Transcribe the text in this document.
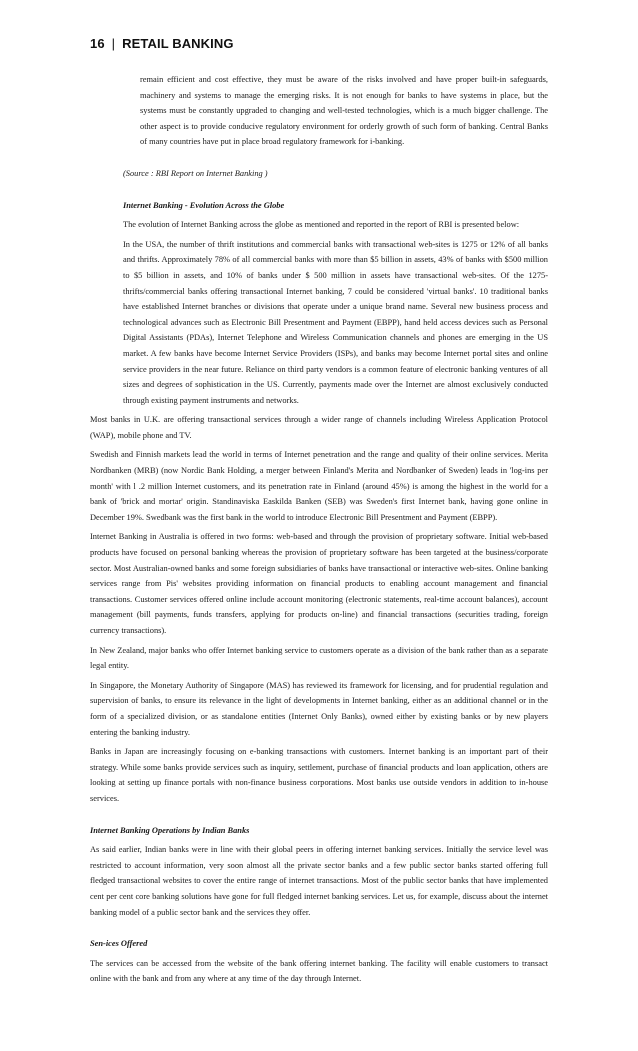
16 | RETAIL BANKING

remain efficient and cost effective, they must be aware of the risks involved and have proper built-in safeguards, machinery and systems to manage the emerging risks. It is not enough for banks to have systems in place, but the systems must be constantly upgraded to changing and well-tested technologies, which is a much bigger challenge. The other aspect is to provide conducive regulatory environment for orderly growth of such form of banking. Central Banks of many countries have put in place broad regulatory framework for i-banking.

(Source : RBI Report on Internet Banking )

Internet Banking - Evolution Across the Globe

The evolution of Internet Banking across the globe as mentioned and reported in the report of RBI is presented below:

In the USA, the number of thrift institutions and commercial banks with transactional web-sites is 1275 or 12% of all banks and thrifts. Approximately 78% of all commercial banks with more than $5 billion in assets, 43% of banks with $500 million to $5 billion in assets, and 10% of banks under $ 500 million in assets have transactional web-sites. Of the 1275-thrifts/commercial banks offering transactional Internet banking, 7 could be considered 'virtual banks'. 10 traditional banks have established Internet branches or divisions that operate under a unique brand name. Several new business process and technological advances such as Electronic Bill Presentment and Payment (EBPP), hand held access devices such as Personal Digital Assistants (PDAs), Internet Telephone and Wireless Communication channels and phones are emerging in the US market. A few banks have become Internet Service Providers (ISPs), and banks may become Internet portal sites and online service providers in the near future. Reliance on third party vendors is a common feature of electronic banking ventures of all sizes and degrees of sophistication in the US. Currently, payments made over the Internet are almost exclusively conducted through existing payment instruments and networks.

Most banks in U.K. are offering transactional services through a wider range of channels including Wireless Application Protocol (WAP), mobile phone and TV.

Swedish and Finnish markets lead the world in terms of Internet penetration and the range and quality of their online services. Merita Nordbanken (MRB) (now Nordic Bank Holding, a merger between Finland's Merita and Nordbanker of Sweden) leads in 'log-ins per month' with l .2 million Internet customers, and its penetration rate in Finland (around 45%) is among the highest in the world for a bank of 'brick and mortar' origin. Standinaviska Easkilda Banken (SEB) was Sweden's first Internet bank, having gone online in December 19%. Swedbank was the first bank in the world to introduce Electronic Bill Presentment and Payment (EBPP).

Internet Banking in Australia is offered in two forms: web-based and through the provision of proprietary software. Initial web-based products have focused on personal banking whereas the provision of proprietary software has been targeted at the business/corporate sector. Most Australian-owned banks and some foreign subsidiaries of banks have transactional or interactive web-sites. Online banking services range from Pis' websites providing information on financial products to enabling account management and financial transactions. Customer services offered online include account monitoring (electronic statements, real-time account balances), account management (bill payments, funds transfers, applying for products on-line) and financial transactions (securities trading, foreign currency transactions).

In New Zealand, major banks who offer Internet banking service to customers operate as a division of the bank rather than as a separate legal entity.

In Singapore, the Monetary Authority of Singapore (MAS) has reviewed its framework for licensing, and for prudential regulation and supervision of banks, to ensure its relevance in the light of developments in Internet banking, either as an additional channel or in the form of a specialized division, or as standalone entities (Internet Only Banks), owned either by existing banks or by new players entering the banking industry.

Banks in Japan are increasingly focusing on e-banking transactions with customers. Internet banking is an important part of their strategy. While some banks provide services such as inquiry, settlement, purchase of financial products and loan application, others are looking at setting up finance portals with non-finance business corporations. Most banks use outside vendors in addition to in-house services.

Internet Banking Operations by Indian Banks

As said earlier, Indian banks were in line with their global peers in offering internet banking services. Initially the service level was restricted to account information, very soon almost all the private sector banks and a few public sector banks started offering full fledged transactional websites to cover the entire range of internet transactions. Most of the public sector banks that have implemented cent per cent core banking solutions have gone for full fledged internet banking services. Let us, for example, discuss about the internet banking model of a public sector bank and the services they offer.

Sen-ices Offered

The services can be accessed from the website of the bank offering internet banking. The facility will enable customers to transact online with the bank and from any where at any time of the day through Internet.
